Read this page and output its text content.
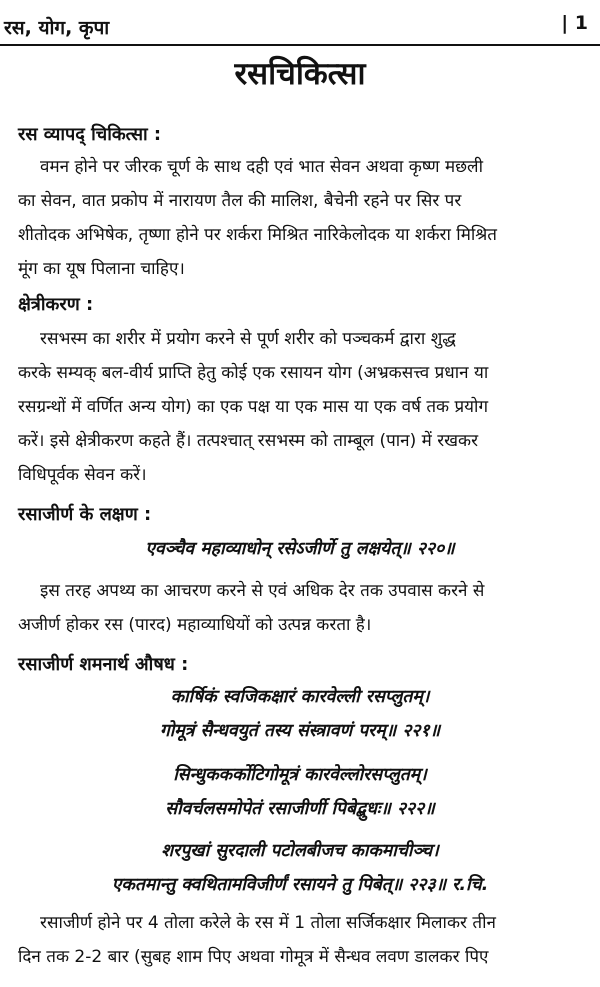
रस, योग, कृपा	| 1
रसचिकित्सा
रस व्यापद् चिकित्सा :
वमन होने पर जीरक चूर्ण के साथ दही एवं भात सेवन अथवा कृष्ण मछली
का सेवन, वात प्रकोप में नारायण तैल की मालिश, बैचेनी रहने पर सिर पर
शीतोदक अभिषेक, तृष्णा होने पर शर्करा मिश्रित नारिकेलोदक या शर्करा मिश्रित
मूंग का यूष पिलाना चाहिए।
क्षेत्रीकरण :
रसभस्म का शरीर में प्रयोग करने से पूर्ण शरीर को पञ्चकर्म द्वारा शुद्ध
करके सम्यक् बल-वीर्य प्राप्ति हेतु कोई एक रसायन योग (अभ्रकसत्त्व प्रधान या
रसग्रन्थों में वर्णित अन्य योग) का एक पक्ष या एक मास या एक वर्ष तक प्रयोग
करें। इसे क्षेत्रीकरण कहते हैं। तत्पश्चात् रसभस्म को ताम्बूल (पान) में रखकर
विधिपूर्वक सेवन करें।
रसाजीर्ण के लक्षण :
एवञ्चैव महाव्याधोन् रसेऽजीर्णे तु लक्षयेत्॥ २२०॥
इस तरह अपथ्य का आचरण करने से एवं अधिक देर तक उपवास करने से
अजीर्ण होकर रस (पारद) महाव्याधियों को उत्पन्न करता है।
रसाजीर्ण शमनार्थ औषध :
कार्षिकं स्वजिकक्षारं कारवेल्ली रसप्लुतम्।
गोमूत्रं सैन्धवयुतं तस्य संस्त्रावणं परम्॥ २२१॥
सिन्धुककर्कोटिगोमूत्रं कारवेल्लोरसप्लुतम्।
सौवर्चलसमोपेतं रसाजीर्णी पिबेद्बुधः॥ २२२॥
शरपुखां सुरदाली पटोलबीजच काकमाचीञ्च।
एकतमान्तु क्वथितामविजीर्णं रसायने तु पिबेत्॥ २२३॥ र.चि.
रसाजीर्ण होने पर 4 तोला करेले के रस में 1 तोला सर्जिकक्षार मिलाकर तीन
दिन तक 2-2 बार (सुबह शाम पिए अथवा गोमूत्र में सैन्धव लवण डालकर पिए
